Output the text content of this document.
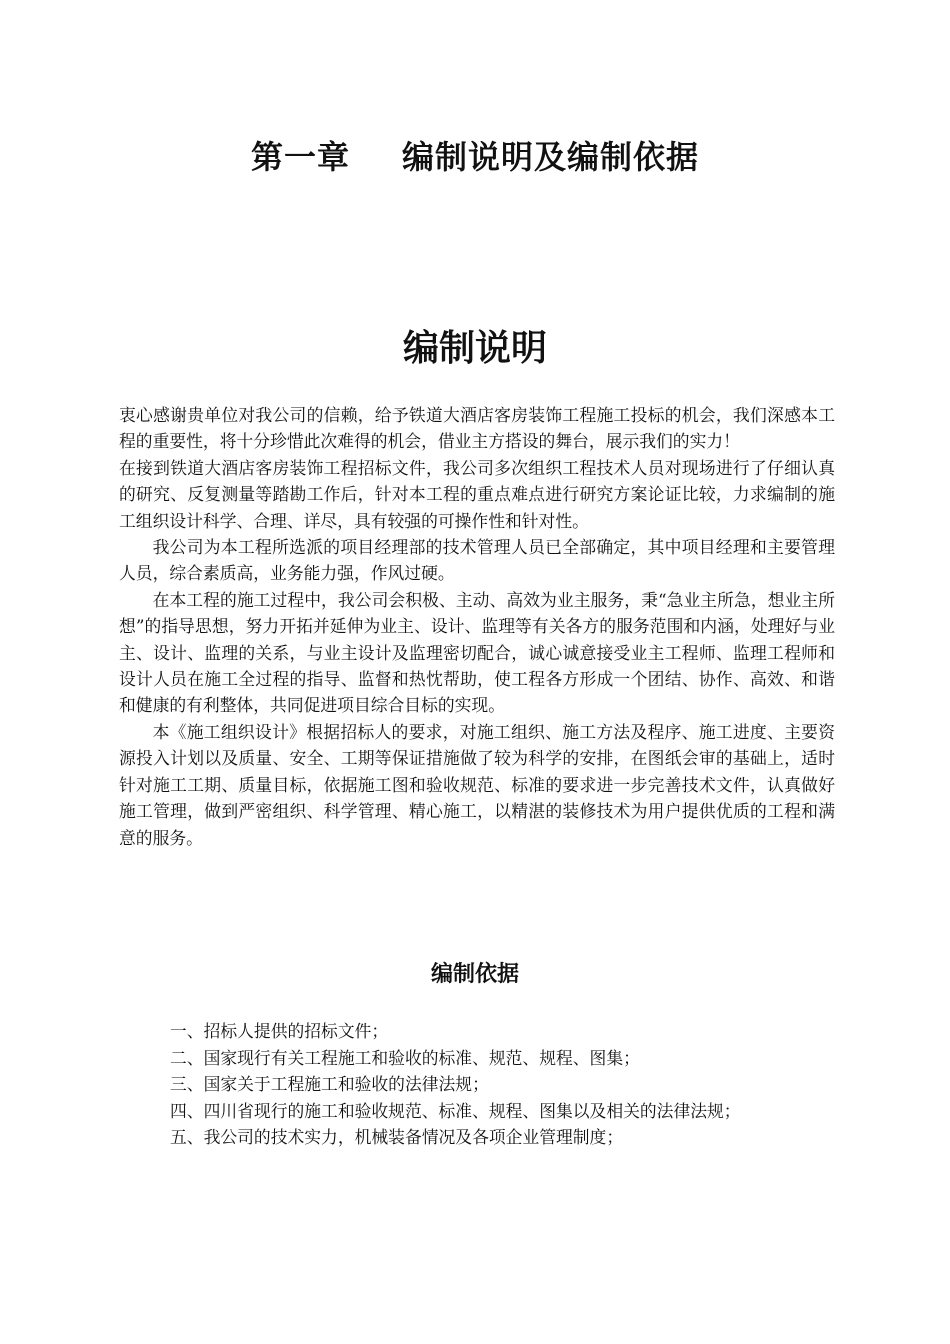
第一章 编制说明及编制依据
编制说明

衷心感谢贵单位对我公司的信赖，给予铁道大酒店客房装饰工程施工投标的机会，我们深感本工程的重要性，将十分珍惜此次难得的机会，借业主方搭设的舞台，展示我们的实力！

在接到铁道大酒店客房装饰工程招标文件，我公司多次组织工程技术人员对现场进行了仔细认真的研究、反复测量等踏勘工作后，针对本工程的重点难点进行研究方案论证比较，力求编制的施工组织设计科学、合理、详尽，具有较强的可操作性和针对性。

我公司为本工程所选派的项目经理部的技术管理人员已全部确定，其中项目经理和主要管理人员，综合素质高，业务能力强，作风过硬。

在本工程的施工过程中，我公司会积极、主动、高效为业主服务，秉“急业主所急，想业主所想”的指导思想，努力开拓并延伸为业主、设计、监理等有关各方的服务范围和内涵，处理好与业主、设计、监理的关系，与业主设计及监理密切配合，诚心诚意接受业主工程师、监理工程师和设计人员在施工全过程的指导、监督和热忱帮助，使工程各方形成一个团结、协作、高效、和谐和健康的有利整体，共同促进项目综合目标的实现。

本《施工组织设计》根据招标人的要求，对施工组织、施工方法及程序、施工进度、主要资源投入计划以及质量、安全、工期等保证措施做了较为科学的安排，在图纸会审的基础上，适时针对施工工期、质量目标，依据施工图和验收规范、标准的要求进一步完善技术文件，认真做好施工管理，做到严密组织、科学管理、精心施工，以精湛的装修技术为用户提供优质的工程和满意的服务。

编制依据
一、招标人提供的招标文件；
二、国家现行有关工程施工和验收的标准、规范、规程、图集；
三、国家关于工程施工和验收的法律法规；
四、四川省现行的施工和验收规范、标准、规程、图集以及相关的法律法规；
五、我公司的技术实力，机械装备情况及各项企业管理制度；
